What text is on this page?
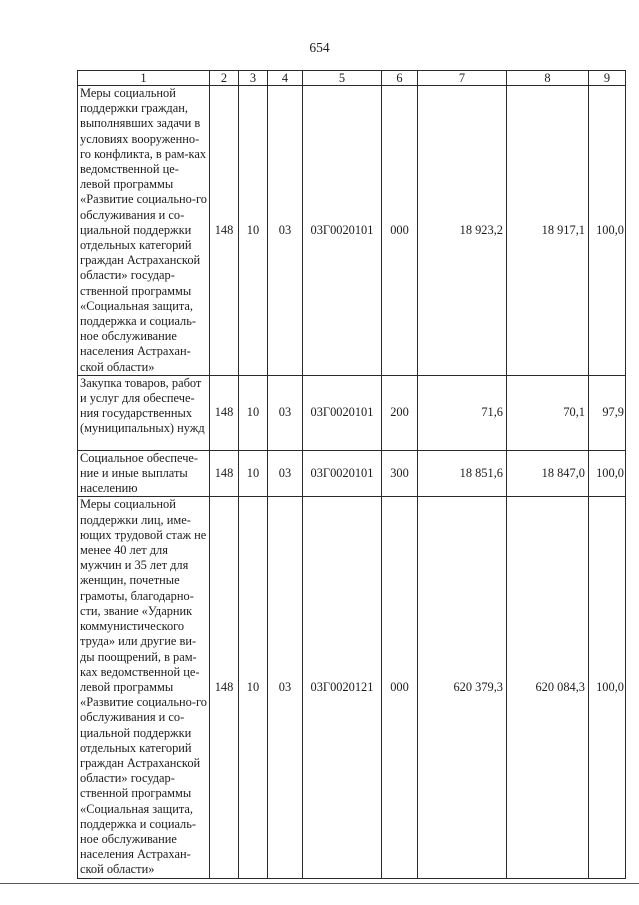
654
1	2	3	4	5	6	7	8	9
Меры социальной поддержки граждан, выполнявших задачи в условиях вооруженно-го конфликта, в рам-ках ведомственной це-левой программы «Развитие социально-го обслуживания и со-циальной поддержки отдельных категорий граждан Астраханской области» государ-ственной программы «Социальная защита, поддержка и социаль-ное обслуживание населения Астрахан-ской области»	148	10	03	03Г0020101	000	18 923,2	18 917,1	100,0
Закупка товаров, работ и услуг для обеспече-ния государственных (муниципальных) нужд	148	10	03	03Г0020101	200	71,6	70,1	97,9
Социальное обеспече-ние и иные выплаты населению	148	10	03	03Г0020101	300	18 851,6	18 847,0	100,0
Меры социальной поддержки лиц, име-ющих трудовой стаж не менее 40 лет для мужчин и 35 лет для женщин, почетные грамоты, благодарно-сти, звание «Ударник коммунистического труда» или другие ви-ды поощрений, в рам-ках ведомственной це-левой программы «Развитие социально-го обслуживания и со-циальной поддержки отдельных категорий граждан Астраханской области» государ-ственной программы «Социальная защита, поддержка и социаль-ное обслуживание населения Астрахан-ской области»	148	10	03	03Г0020121	000	620 379,3	620 084,3	100,0
